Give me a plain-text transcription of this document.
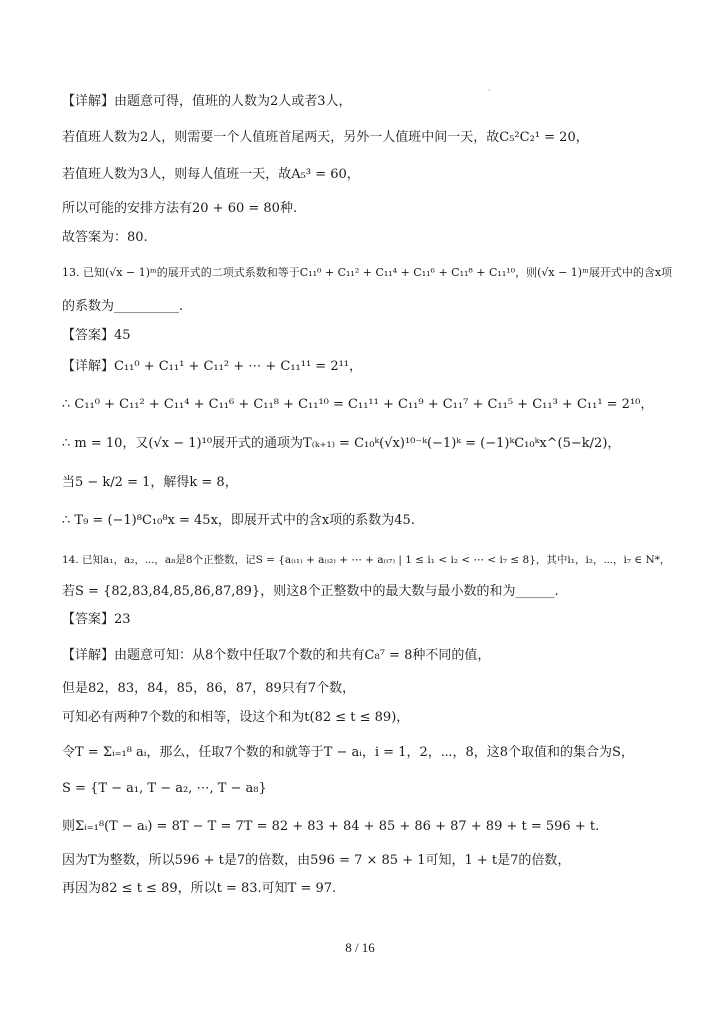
·
【详解】由题意可得，值班的人数为2人或者3人，
若值班人数为2人，则需要一个人值班首尾两天，另外一人值班中间一天，故C₅²C₂¹ = 20，
若值班人数为3人，则每人值班一天，故A₅³ = 60，
所以可能的安排方法有20 + 60 = 80种.
故答案为：80.
13. 已知(√x − 1)ᵐ的展开式的二项式系数和等于C₁₁⁰ + C₁₁² + C₁₁⁴ + C₁₁⁶ + C₁₁⁸ + C₁₁¹⁰，则(√x − 1)ᵐ展开式中的含x项
的系数为__________.
【答案】45
【详解】C₁₁⁰ + C₁₁¹ + C₁₁² + ⋯ + C₁₁¹¹ = 2¹¹，
∴ C₁₁⁰ + C₁₁² + C₁₁⁴ + C₁₁⁶ + C₁₁⁸ + C₁₁¹⁰ = C₁₁¹¹ + C₁₁⁹ + C₁₁⁷ + C₁₁⁵ + C₁₁³ + C₁₁¹ = 2¹⁰，
∴ m = 10，又(√x − 1)¹⁰展开式的通项为T₍ₖ₊₁₎ = C₁₀ᵏ(√x)¹⁰⁻ᵏ(−1)ᵏ = (−1)ᵏC₁₀ᵏx^(5−k/2)，
当5 − k/2 = 1，解得k = 8，
∴ T₉ = (−1)⁸C₁₀⁸x = 45x，即展开式中的含x项的系数为45.
14. 已知a₁，a₂，⋯，a₈是8个正整数，记S = {a₍ᵢ₁₎ + a₍ᵢ₂₎ + ⋯ + a₍ᵢ₇₎ | 1 ≤ i₁ < i₂ < ⋯ < i₇ ≤ 8}，其中i₁，i₂，⋯，i₇ ∈ N*，
若S = {82,83,84,85,86,87,89}，则这8个正整数中的最大数与最小数的和为______.
【答案】23
【详解】由题意可知：从8个数中任取7个数的和共有C₈⁷ = 8种不同的值，
但是82，83，84，85，86，87，89只有7个数，
可知必有两种7个数的和相等，设这个和为t(82 ≤ t ≤ 89)，
令T = Σᵢ₌₁⁸ aᵢ，那么，任取7个数的和就等于T − aᵢ，i = 1，2，⋯，8，这8个取值和的集合为S，
S = {T − a₁, T − a₂, ⋯, T − a₈}
则Σᵢ₌₁⁸(T − aᵢ) = 8T − T = 7T = 82 + 83 + 84 + 85 + 86 + 87 + 89 + t = 596 + t.
因为T为整数，所以596 + t是7的倍数，由596 = 7 × 85 + 1可知，1 + t是7的倍数，
再因为82 ≤ t ≤ 89，所以t = 83.可知T = 97.
8 / 16
